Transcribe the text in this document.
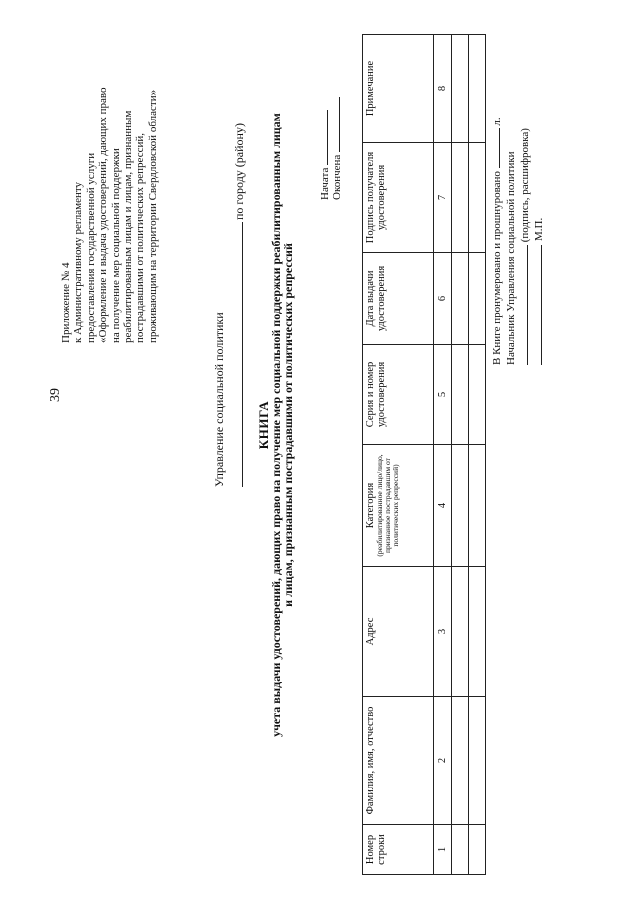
39
Приложение № 4 к Административному регламенту предоставления государственной услуги «Оформление и выдача удостоверений, дающих право на получение мер социальной поддержки реабилитированным лицам и лицам, признанным пострадавшими от политических репрессий, проживающим на территории Свердловской области»
Управление социальной политики
по городу (району)
КНИГА
учета выдачи удостоверений, дающих право на получение мер социальной поддержки реабилитированным лицам
и лицам, признанным пострадавшими от политических репрессий
Начата Окончена
Номер строки	Фамилия, имя, отчество	Адрес	Категория (реабилитированное лицо/лицо, признанное пострадавшим от политических репрессий)	Серия и номер удостоверения	Дата выдачи удостоверения	Подпись получателя удостоверения	Примечание
1	2	3	4	5	6	7	8

В Книге пронумеровано и прошнуровано  л.
Начальник Управления социальной политики (подпись, расшифровка) М.П.
